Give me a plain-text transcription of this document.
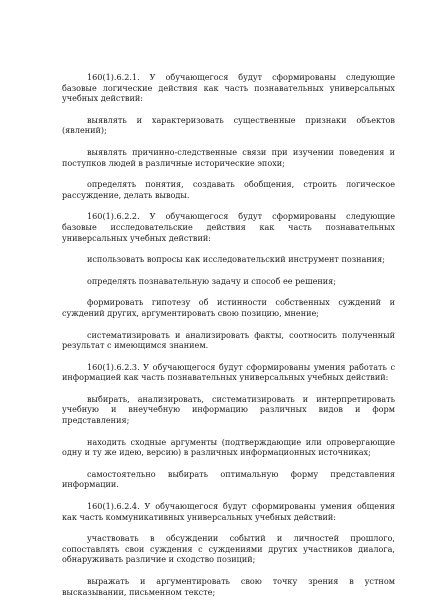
160(1).6.2.1. У обучающегося будут сформированы следующие базовые логические действия как часть познавательных универсальных учебных действий:

выявлять и характеризовать существенные признаки объектов (явлений);

выявлять причинно-следственные связи при изучении поведения и поступков людей в различные исторические эпохи;

определять понятия, создавать обобщения, строить логическое рассуждение, делать выводы.

160(1).6.2.2. У обучающегося будут сформированы следующие базовые исследовательские действия как часть познавательных универсальных учебных действий:

использовать вопросы как исследовательский инструмент познания;

определять познавательную задачу и способ ее решения;

формировать гипотезу об истинности собственных суждений и суждений других, аргументировать свою позицию, мнение;

систематизировать и анализировать факты, соотносить полученный результат с имеющимся знанием.

160(1).6.2.3. У обучающегося будут сформированы умения работать с информацией как часть познавательных универсальных учебных действий:

выбирать, анализировать, систематизировать и интерпретировать учебную и внеучебную информацию различных видов и форм представления;

находить сходные аргументы (подтверждающие или опровергающие одну и ту же идею, версию) в различных информационных источниках;

самостоятельно выбирать оптимальную форму представления информации.

160(1).6.2.4. У обучающегося будут сформированы умения общения как часть коммуникативных универсальных учебных действий:

участвовать в обсуждении событий и личностей прошлого, сопоставлять свои суждения с суждениями других участников диалога, обнаруживать различие и сходство позиций;

выражать и аргументировать свою точку зрения в устном высказывании, письменном тексте;
